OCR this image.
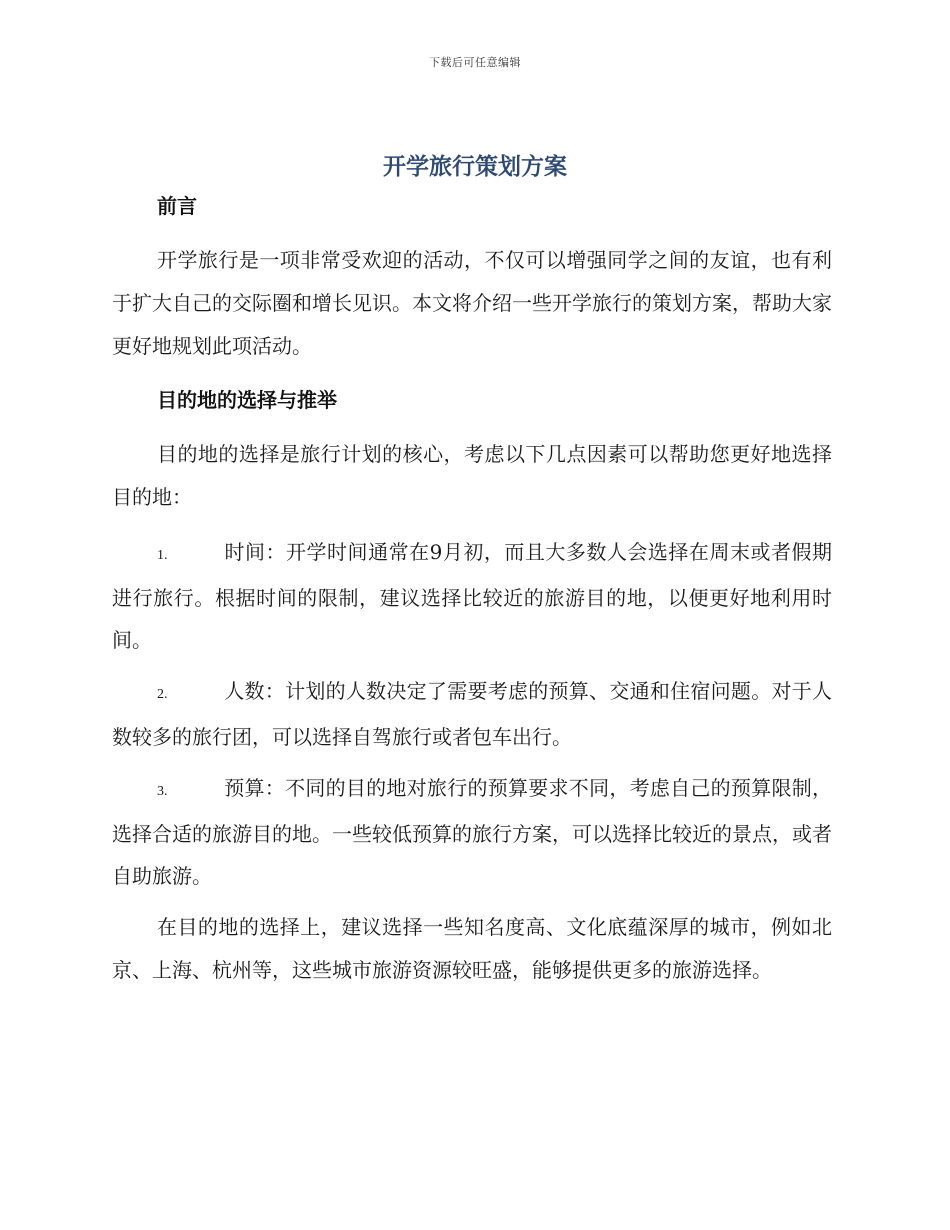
下载后可任意编辑
开学旅行策划方案
前言

开学旅行是一项非常受欢迎的活动，不仅可以增强同学之间的友谊，也有利于扩大自己的交际圈和增长见识。本文将介绍一些开学旅行的策划方案，帮助大家更好地规划此项活动。

目的地的选择与推举

目的地的选择是旅行计划的核心，考虑以下几点因素可以帮助您更好地选择目的地：

1.	时间：开学时间通常在9月初，而且大多数人会选择在周末或者假期进行旅行。根据时间的限制，建议选择比较近的旅游目的地，以便更好地利用时间。

2.	人数：计划的人数决定了需要考虑的预算、交通和住宿问题。对于人数较多的旅行团，可以选择自驾旅行或者包车出行。

3.	预算：不同的目的地对旅行的预算要求不同，考虑自己的预算限制，选择合适的旅游目的地。一些较低预算的旅行方案，可以选择比较近的景点，或者自助旅游。

在目的地的选择上，建议选择一些知名度高、文化底蕴深厚的城市，例如北京、上海、杭州等，这些城市旅游资源较旺盛，能够提供更多的旅游选择。
